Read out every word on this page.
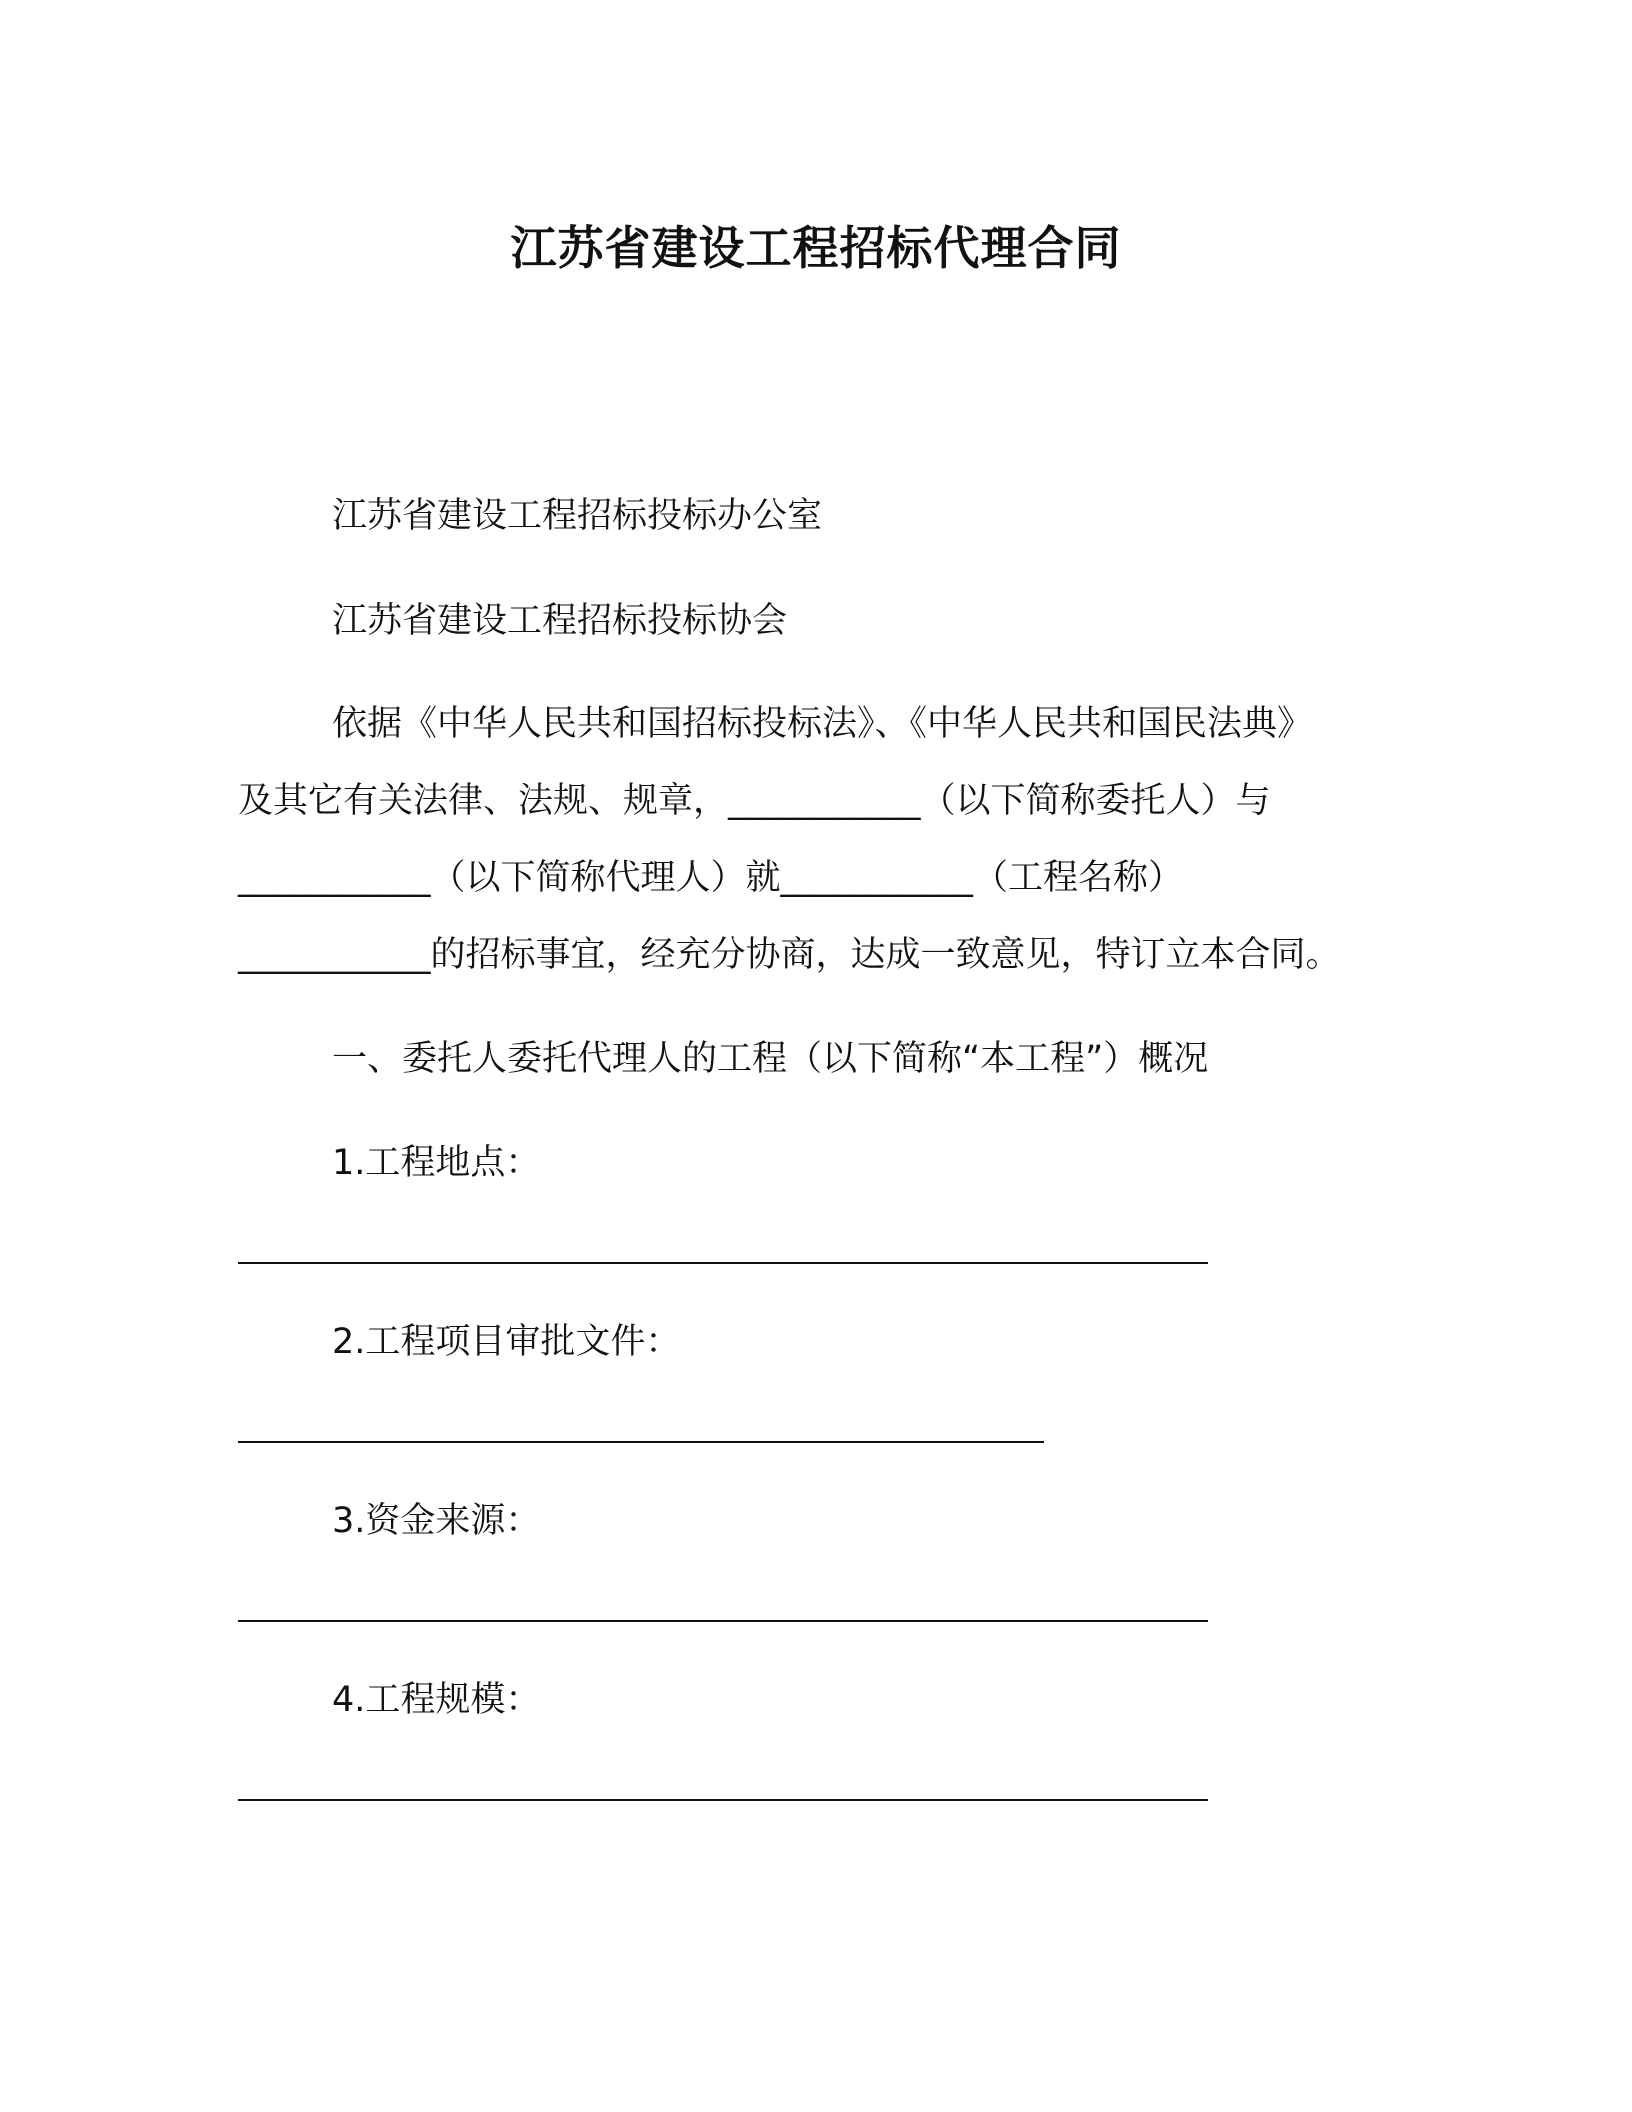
江苏省建设工程招标代理合同
江苏省建设工程招标投标办公室
江苏省建设工程招标投标协会
依据《中华人民共和国招标投标法》、《中华人民共和国民法典》
及其它有关法律、法规、规章，___________（以下简称委托人）与
___________（以下简称代理人）就___________（工程名称）
___________的招标事宜，经充分协商，达成一致意见，特订立本合同。
一、委托人委托代理人的工程（以下简称“本工程”）概况
1.工程地点：
2.工程项目审批文件：
3.资金来源：
4.工程规模：
